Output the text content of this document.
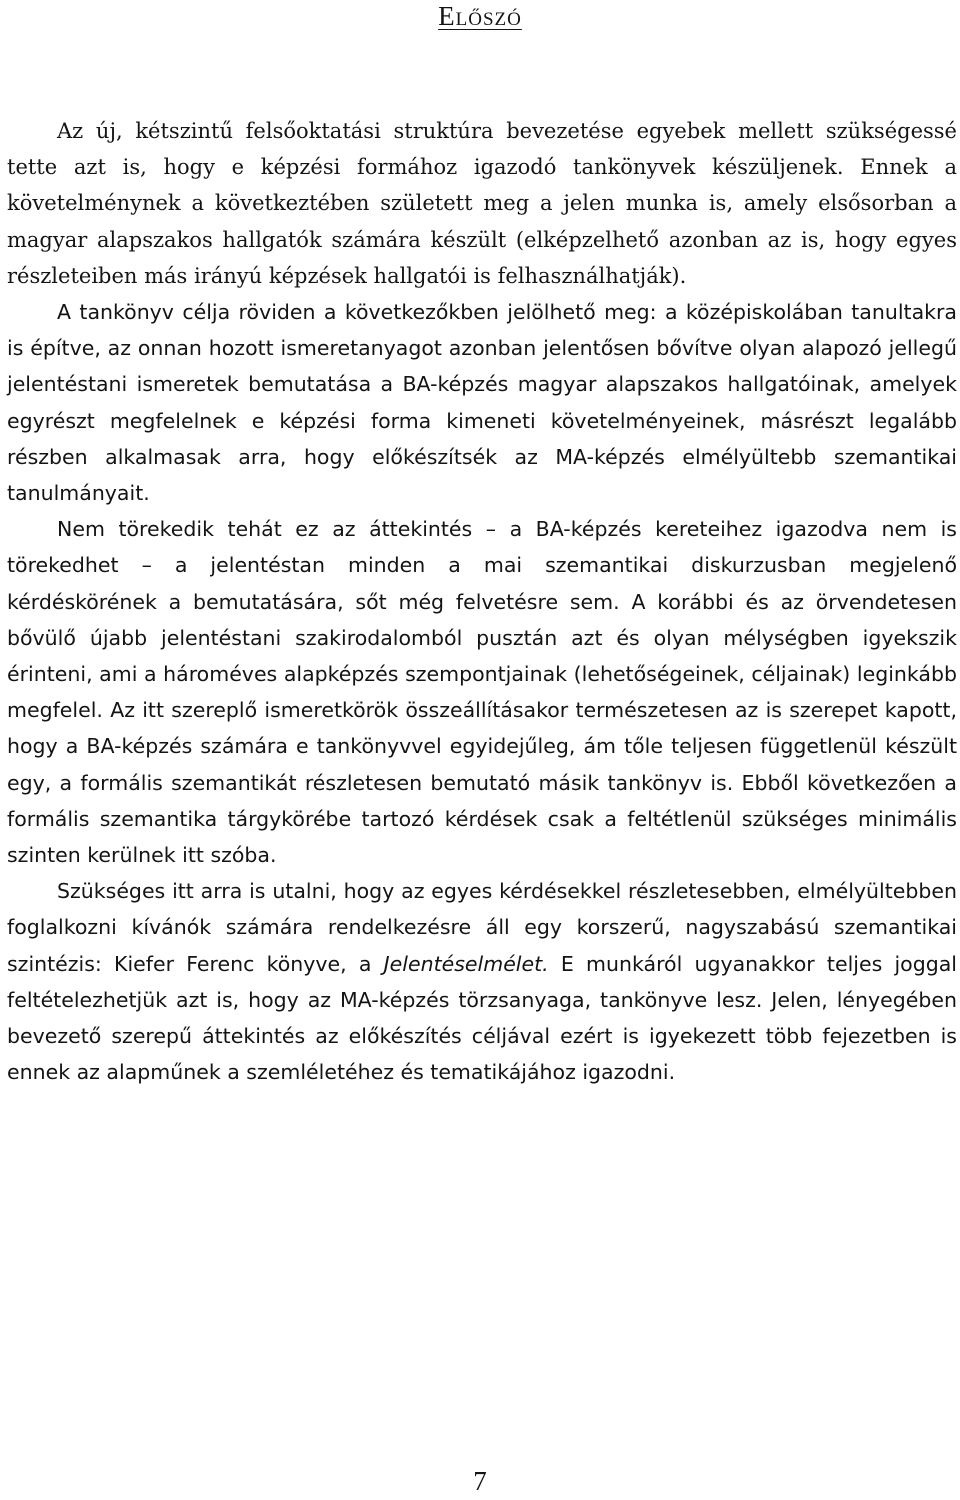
Előszó

Az új, kétszintű felsőoktatási struktúra bevezetése egyebek mellett szükségessé tette azt is, hogy e képzési formához igazodó tankönyvek készüljenek. Ennek a követelménynek a következtében született meg a jelen munka is, amely elsősorban a magyar alapszakos hallgatók számára készült (elképzelhető azonban az is, hogy egyes részleteiben más irányú képzések hallgatói is felhasználhatják).

A tankönyv célja röviden a következőkben jelölhető meg: a középiskolában tanultakra is építve, az onnan hozott ismeretanyagot azonban jelentősen bővítve olyan alapozó jellegű jelentéstani ismeretek bemutatása a BA-képzés magyar alapszakos hallgatóinak, amelyek egyrészt megfelelnek e képzési forma kimeneti követelményeinek, másrészt legalább részben alkalmasak arra, hogy előkészítsék az MA-képzés elmélyültebb szemantikai tanulmányait.

Nem törekedik tehát ez az áttekintés – a BA-képzés kereteihez igazodva nem is törekedhet – a jelentéstan minden a mai szemantikai diskurzusban megjelenő kérdéskörének a bemutatására, sőt még felvetésre sem. A korábbi és az örvendetesen bővülő újabb jelentéstani szakirodalomból pusztán azt és olyan mélységben igyekszik érinteni, ami a hároméves alapképzés szempontjainak (lehetőségeinek, céljainak) leginkább megfelel. Az itt szereplő ismeretkörök összeállításakor természetesen az is szerepet kapott, hogy a BA-képzés számára e tankönyvvel egyidejűleg, ám tőle teljesen függetlenül készült egy, a formális szemantikát részletesen bemutató másik tankönyv is. Ebből következően a formális szemantika tárgykörébe tartozó kérdések csak a feltétlenül szükséges minimális szinten kerülnek itt szóba.

Szükséges itt arra is utalni, hogy az egyes kérdésekkel részletesebben, elmélyültebben foglalkozni kívánók számára rendelkezésre áll egy korszerű, nagyszabású szemantikai szintézis: Kiefer Ferenc könyve, a Jelentéselmélet. E munkáról ugyanakkor teljes joggal feltételezhetjük azt is, hogy az MA-képzés törzsanyaga, tankönyve lesz. Jelen, lényegében bevezető szerepű áttekintés az előkészítés céljával ezért is igyekezett több fejezetben is ennek az alapműnek a szemléletéhez és tematikájához igazodni.

7
